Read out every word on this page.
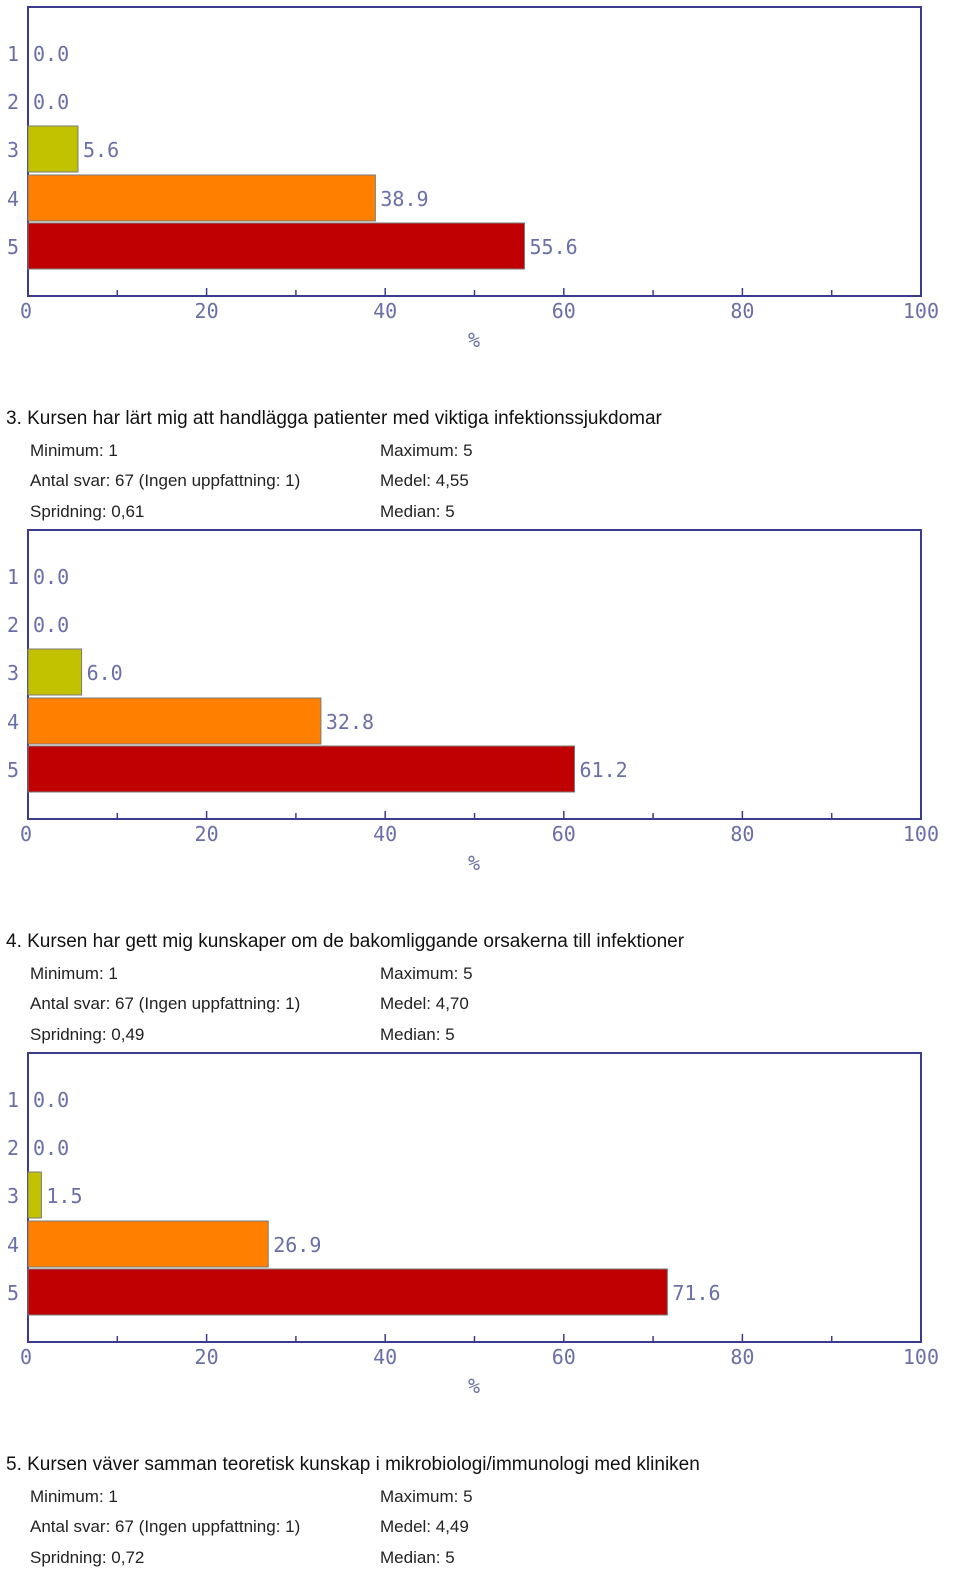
1 0.0
2 0.0
3	5.6
4	38.9
5	55.6
0	20	40	60	80	100
%
3. Kursen har lärt mig att handlägga patienter med viktiga infektionssjukdomar
Minimum: 1	Maximum: 5
Antal svar: 67 (Ingen uppfattning: 1)	Medel: 4,55
Spridning: 0,61	Median: 5
1 0.0
2 0.0
3	6.0
4	32.8
5	61.2
0	20	40	60	80	100
%
4. Kursen har gett mig kunskaper om de bakomliggande orsakerna till infektioner
Minimum: 1	Maximum: 5
Antal svar: 67 (Ingen uppfattning: 1)	Medel: 4,70
Spridning: 0,49	Median: 5
1 0.0
2 0.0
3 1.5
4	26.9
5	71.6
0	20	40	60	80	100
%
5. Kursen väver samman teoretisk kunskap i mikrobiologi/immunologi med kliniken
Minimum: 1	Maximum: 5
Antal svar: 67 (Ingen uppfattning: 1)	Medel: 4,49
Spridning: 0,72	Median: 5
